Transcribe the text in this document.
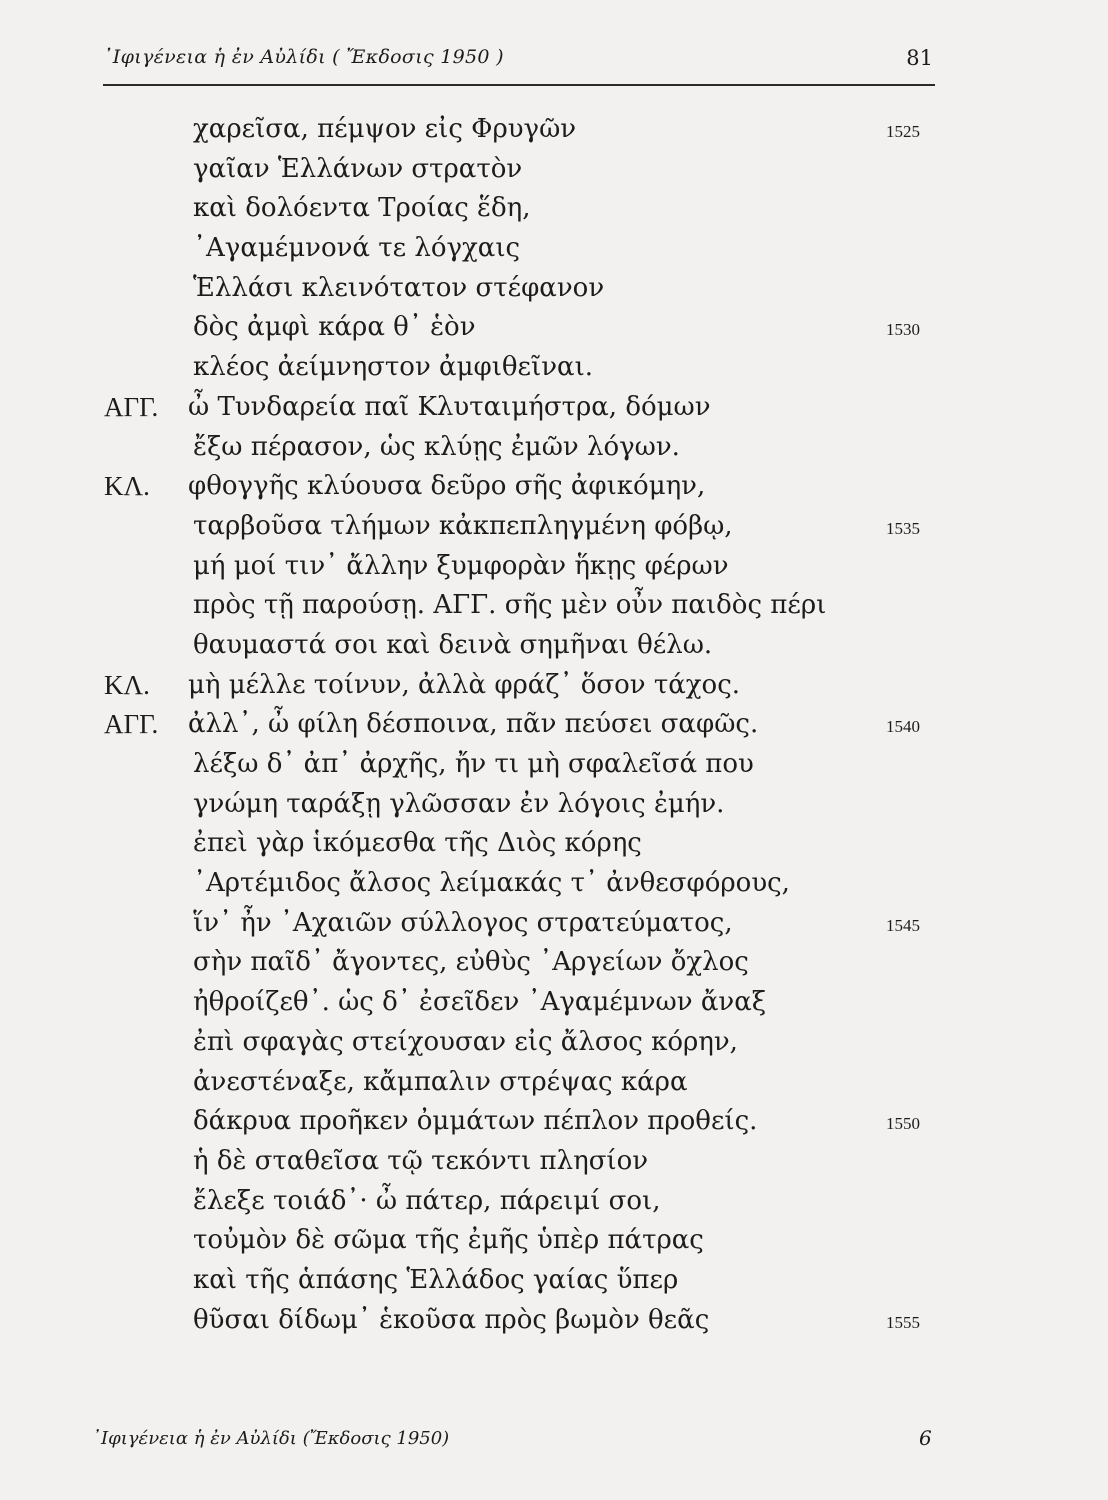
᾿Ιφιγένεια ἡ ἐν Αὐλίδι ( Ἔκδοσις 1950 )	81
χαρεῖσα, πέμψον εἰς Φρυγῶν	1525
γαῖαν Ἑλλάνων στρατὸν
καὶ δολόεντα Τροίας ἕδη,
᾿Αγαμέμνονά τε λόγχαις
Ἑλλάσι κλεινότατον στέφανον
δὸς ἀμφὶ κάρα θ᾿ ἑὸν	1530
κλέος ἀείμνηστον ἀμφιθεῖναι.
ΑΓΓ. ὦ Τυνδαρεία παῖ Κλυταιμήστρα, δόμων
ἔξω πέρασον, ὡς κλύῃς ἐμῶν λόγων.
ΚΛ. φθογγῆς κλύουσα δεῦρο σῆς ἀφικόμην,
ταρβοῦσα τλήμων κἀκπεπληγμένη φόβῳ,	1535
μή μοί τιν᾿ ἄλλην ξυμφορὰν ἥκῃς φέρων
πρὸς τῇ παρούσῃ. ΑΓΓ. σῆς μὲν οὖν παιδὸς πέρι
θαυμαστά σοι καὶ δεινὰ σημῆναι θέλω.
ΚΛ. μὴ μέλλε τοίνυν, ἀλλὰ φράζ᾿ ὅσον τάχος.
ΑΓΓ. ἀλλ᾿, ὦ φίλη δέσποινα, πᾶν πεύσει σαφῶς.	1540
λέξω δ᾿ ἀπ᾿ ἀρχῆς, ἤν τι μὴ σφαλεῖσά που
γνώμη ταράξῃ γλῶσσαν ἐν λόγοις ἐμήν.
ἐπεὶ γὰρ ἱκόμεσθα τῆς Διὸς κόρης
᾿Αρτέμιδος ἄλσος λείμακάς τ᾿ ἀνθεσφόρους,
ἵν᾿ ἦν ᾿Αχαιῶν σύλλογος στρατεύματος,	1545
σὴν παῖδ᾿ ἄγοντες, εὐθὺς ᾿Αργείων ὄχλος
ἠθροίζεθ᾿. ὡς δ᾿ ἐσεῖδεν ᾿Αγαμέμνων ἄναξ
ἐπὶ σφαγὰς στείχουσαν εἰς ἄλσος κόρην,
ἀνεστέναξε, κἄμπαλιν στρέψας κάρα
δάκρυα προῆκεν ὀμμάτων πέπλον προθείς.	1550
ἡ δὲ σταθεῖσα τῷ τεκόντι πλησίον
ἔλεξε τοιάδ᾿· ὦ πάτερ, πάρειμί σοι,
τοὐμὸν δὲ σῶμα τῆς ἐμῆς ὑπὲρ πάτρας
καὶ τῆς ἁπάσης Ἑλλάδος γαίας ὕπερ
θῦσαι δίδωμ᾿ ἑκοῦσα πρὸς βωμὸν θεᾶς	1555
᾿Ιφιγένεια ἡ ἐν Αὐλίδι (Ἔκδοσις 1950)	6
